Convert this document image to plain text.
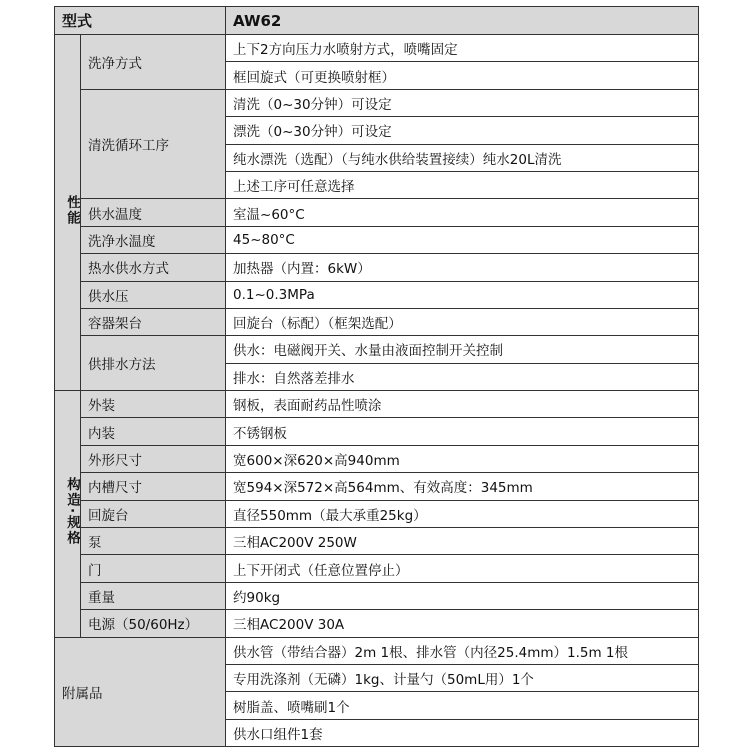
型式		AW62
性能	洗净方式	上下2方向压力水喷射方式，喷嘴固定
		框回旋式（可更换喷射框）
	清洗循环工序	清洗（0~30分钟）可设定
		漂洗（0~30分钟）可设定
		纯水漂洗（选配）（与纯水供给装置接续）纯水20L清洗
		上述工序可任意选择
	供水温度	室温~60°C
	洗净水温度	45~80°C
	热水供水方式	加热器（内置：6kW）
	供水压	0.1~0.3MPa
	容器架台	回旋台（标配）（框架选配）
	供排水方法	供水：电磁阀开关、水量由液面控制开关控制
		排水：自然落差排水
构造·规格	外装	钢板，表面耐药品性喷涂
	内装	不锈钢板
	外形尺寸	宽600×深620×高940mm
	内槽尺寸	宽594×深572×高564mm、有效高度：345mm
	回旋台	直径550mm（最大承重25kg）
	泵	三相AC200V 250W
	门	上下开闭式（任意位置停止）
	重量	约90kg
	电源（50/60Hz）	三相AC200V 30A
附属品		供水管（带结合器）2m 1根、排水管（内径25.4mm）1.5m 1根
		专用洗涤剂（无磷）1kg、计量勺（50mL用）1个
		树脂盖、喷嘴刷1个
		供水口组件1套
